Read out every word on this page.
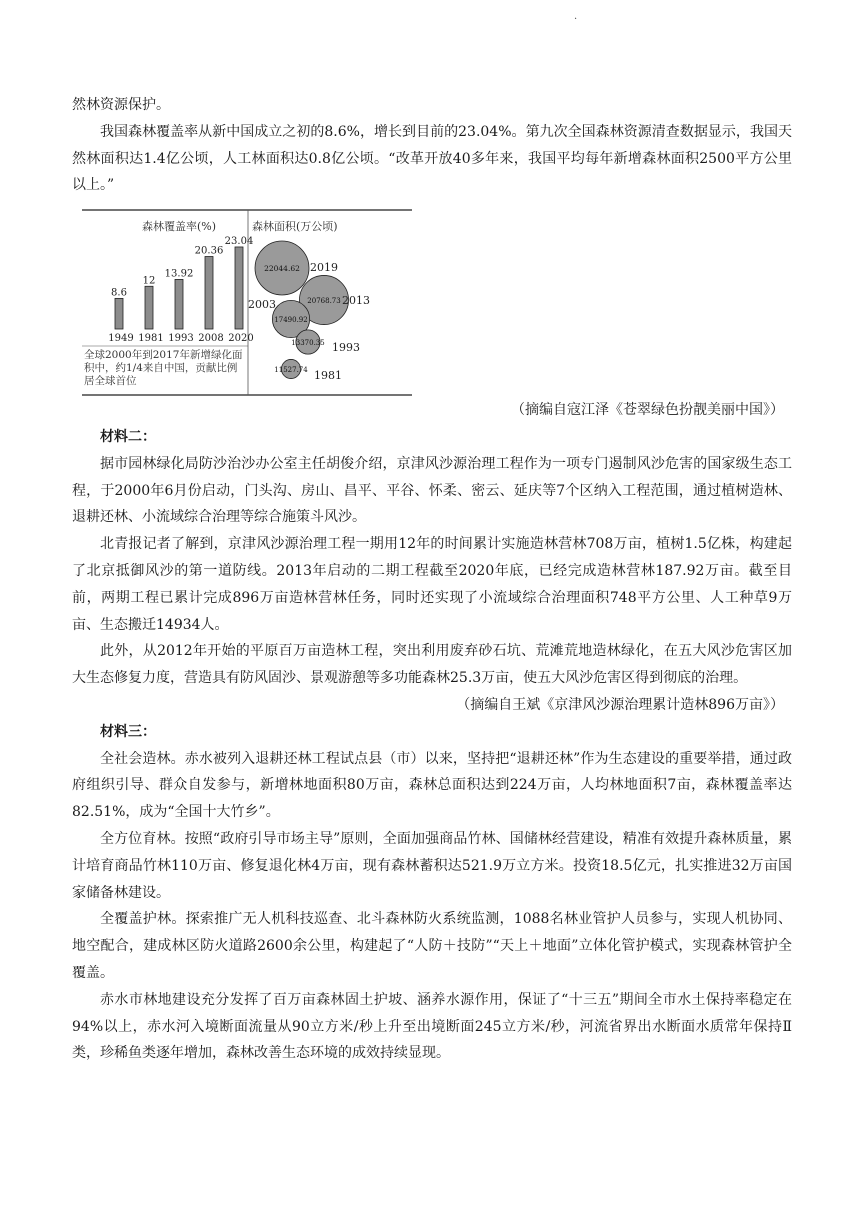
·

然林资源保护。

我国森林覆盖率从新中国成立之初的8.6%，增长到目前的23.04%。第九次全国森林资源清查数据显示，我国天然林面积达1.4亿公顷，人工林面积达0.8亿公顷。“改革开放40多年来，我国平均每年新增森林面积2500平方公里以上。”

（摘编自寇江泽《苍翠绿色扮靓美丽中国》）

材料二：

据市园林绿化局防沙治沙办公室主任胡俊介绍，京津风沙源治理工程作为一项专门遏制风沙危害的国家级生态工程，于2000年6月份启动，门头沟、房山、昌平、平谷、怀柔、密云、延庆等7个区纳入工程范围，通过植树造林、退耕还林、小流域综合治理等综合施策斗风沙。

北青报记者了解到，京津风沙源治理工程一期用12年的时间累计实施造林营林708万亩，植树1.5亿株，构建起了北京抵御风沙的第一道防线。2013年启动的二期工程截至2020年底，已经完成造林营林187.92万亩。截至目前，两期工程已累计完成896万亩造林营林任务，同时还实现了小流域综合治理面积748平方公里、人工种草9万亩、生态搬迁14934人。

此外，从2012年开始的平原百万亩造林工程，突出利用废弃砂石坑、荒滩荒地造林绿化，在五大风沙危害区加大生态修复力度，营造具有防风固沙、景观游憩等多功能森林25.3万亩，使五大风沙危害区得到彻底的治理。

（摘编自王斌《京津风沙源治理累计造林896万亩》）

材料三：

全社会造林。赤水被列入退耕还林工程试点县（市）以来，坚持把“退耕还林”作为生态建设的重要举措，通过政府组织引导、群众自发参与，新增林地面积80万亩，森林总面积达到224万亩，人均林地面积7亩，森林覆盖率达82.51%，成为“全国十大竹乡”。

全方位育林。按照“政府引导市场主导”原则，全面加强商品竹林、国储林经营建设，精准有效提升森林质量，累计培育商品竹林110万亩、修复退化林4万亩，现有森林蓄积达521.9万立方米。投资18.5亿元，扎实推进32万亩国家储备林建设。

全覆盖护林。探索推广无人机科技巡查、北斗森林防火系统监测，1088名林业管护人员参与，实现人机协同、地空配合，建成林区防火道路2600余公里，构建起了“人防＋技防”“天上＋地面”立体化管护模式，实现森林管护全覆盖。

赤水市林地建设充分发挥了百万亩森林固土护坡、涵养水源作用，保证了“十三五”期间全市水土保持率稳定在94%以上，赤水河入境断面流量从90立方米/秒上升至出境断面245立方米/秒，河流省界出水断面水质常年保持Ⅱ类，珍稀鱼类逐年增加，森林改善生态环境的成效持续显现。

森林覆盖率(%)	森林面积(万公顷)
8.6
1949
12
1981
13.92
1993
20.36
2008
23.04
2020
22044.62 2019
20768.73 2013
17490.92
2003
13370.35 1993
11527.74 1981
全球2000年到2017年新增绿化面积中，约1/4来自中国，贡献比例居全球首位
